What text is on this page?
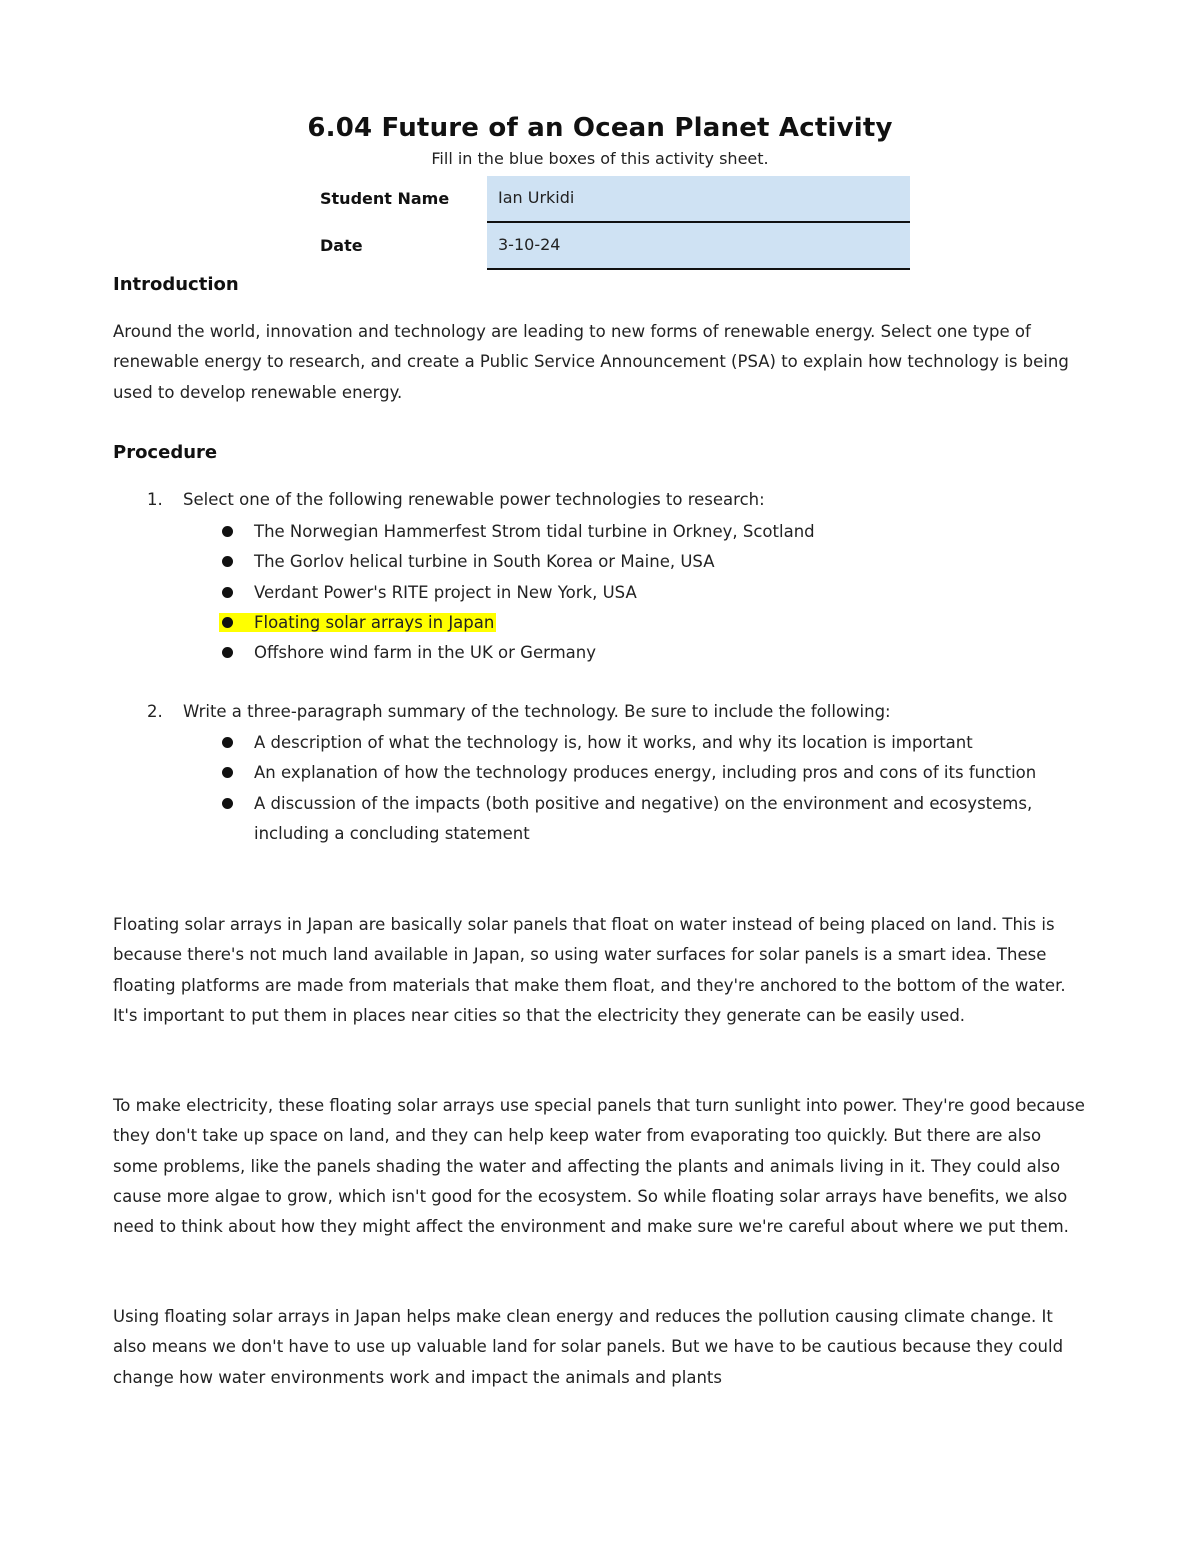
6.04 Future of an Ocean Planet Activity
Fill in the blue boxes of this activity sheet.
Student Name	Ian Urkidi
Date	3-10-24
Introduction
Around the world, innovation and technology are leading to new forms of renewable energy. Select one type of renewable energy to research, and create a Public Service Announcement (PSA) to explain how technology is being used to develop renewable energy.
Procedure
1. Select one of the following renewable power technologies to research:
The Norwegian Hammerfest Strom tidal turbine in Orkney, Scotland
The Gorlov helical turbine in South Korea or Maine, USA
Verdant Power's RITE project in New York, USA
Floating solar arrays in Japan
Offshore wind farm in the UK or Germany
2. Write a three-paragraph summary of the technology. Be sure to include the following:
A description of what the technology is, how it works, and why its location is important
An explanation of how the technology produces energy, including pros and cons of its function
A discussion of the impacts (both positive and negative) on the environment and ecosystems, including a concluding statement
Floating solar arrays in Japan are basically solar panels that float on water instead of being placed on land. This is because there's not much land available in Japan, so using water surfaces for solar panels is a smart idea. These floating platforms are made from materials that make them float, and they're anchored to the bottom of the water. It's important to put them in places near cities so that the electricity they generate can be easily used.
To make electricity, these floating solar arrays use special panels that turn sunlight into power. They're good because they don't take up space on land, and they can help keep water from evaporating too quickly. But there are also some problems, like the panels shading the water and affecting the plants and animals living in it. They could also cause more algae to grow, which isn't good for the ecosystem. So while floating solar arrays have benefits, we also need to think about how they might affect the environment and make sure we're careful about where we put them.
Using floating solar arrays in Japan helps make clean energy and reduces the pollution causing climate change. It also means we don't have to use up valuable land for solar panels. But we have to be cautious because they could change how water environments work and impact the animals and plants
